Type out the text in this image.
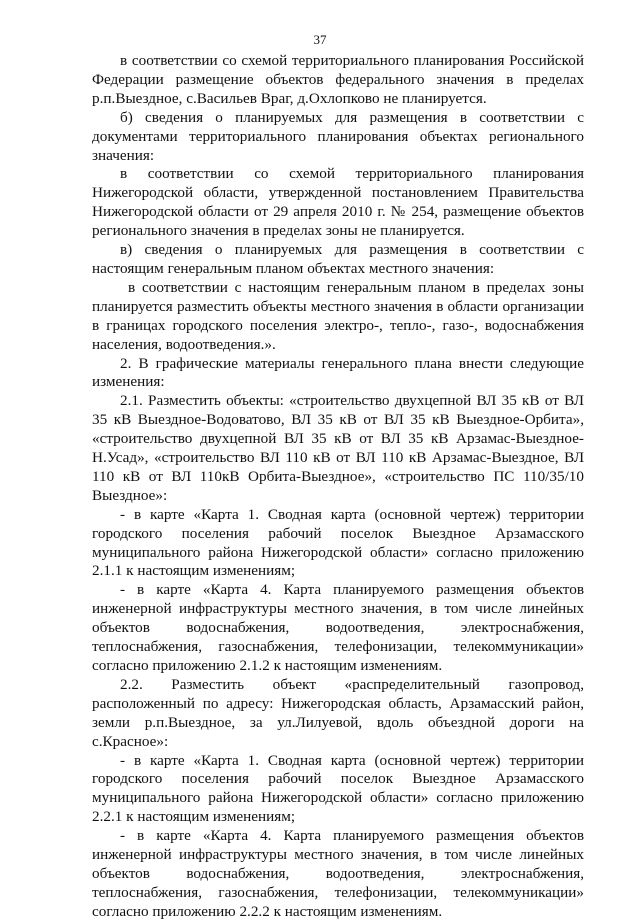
37

в соответствии со схемой территориального планирования Российской Федерации размещение объектов федерального значения в пределах р.п.Выездное, с.Васильев Враг, д.Охлопково не планируется.

б) сведения о планируемых для размещения в соответствии с документами территориального планирования объектах регионального значения:

в соответствии со схемой территориального планирования Нижегородской области, утвержденной постановлением Правительства Нижегородской области от 29 апреля 2010 г. № 254, размещение объектов регионального значения в пределах зоны не планируется.

в) сведения о планируемых для размещения в соответствии с настоящим генеральным планом объектах местного значения:

в соответствии с настоящим генеральным планом в пределах зоны планируется разместить объекты местного значения в области организации в границах городского поселения электро-, тепло-, газо-, водоснабжения населения, водоотведения.».

2. В графические материалы генерального плана внести следующие изменения:

2.1. Разместить объекты: «строительство двухцепной ВЛ 35 кВ от ВЛ 35 кВ Выездное-Водоватово, ВЛ 35 кВ от ВЛ 35 кВ Выездное-Орбита», «строительство двухцепной ВЛ 35 кВ от ВЛ 35 кВ Арзамас-Выездное-Н.Усад», «строительство ВЛ 110 кВ от ВЛ 110 кВ Арзамас-Выездное, ВЛ 110 кВ от ВЛ 110кВ Орбита-Выездное», «строительство ПС 110/35/10 Выездное»:

- в карте «Карта 1. Сводная карта (основной чертеж) территории городского поселения рабочий поселок Выездное Арзамасского муниципального района Нижегородской области» согласно приложению 2.1.1 к настоящим изменениям;

- в карте «Карта 4. Карта планируемого размещения объектов инженерной инфраструктуры местного значения, в том числе линейных объектов водоснабжения, водоотведения, электроснабжения, теплоснабжения, газоснабжения, телефонизации, телекоммуникации» согласно приложению 2.1.2 к настоящим изменениям.

2.2. Разместить объект «распределительный газопровод, расположенный по адресу: Нижегородская область, Арзамасский район, земли р.п.Выездное, за ул.Лилуевой, вдоль объездной дороги на с.Красное»:

- в карте «Карта 1. Сводная карта (основной чертеж) территории городского поселения рабочий поселок Выездное Арзамасского муниципального района Нижегородской области» согласно приложению 2.2.1 к настоящим изменениям;

- в карте «Карта 4. Карта планируемого размещения объектов инженерной инфраструктуры местного значения, в том числе линейных объектов водоснабжения, водоотведения, электроснабжения, теплоснабжения, газоснабжения, телефонизации, телекоммуникации» согласно приложению 2.2.2 к настоящим изменениям.
